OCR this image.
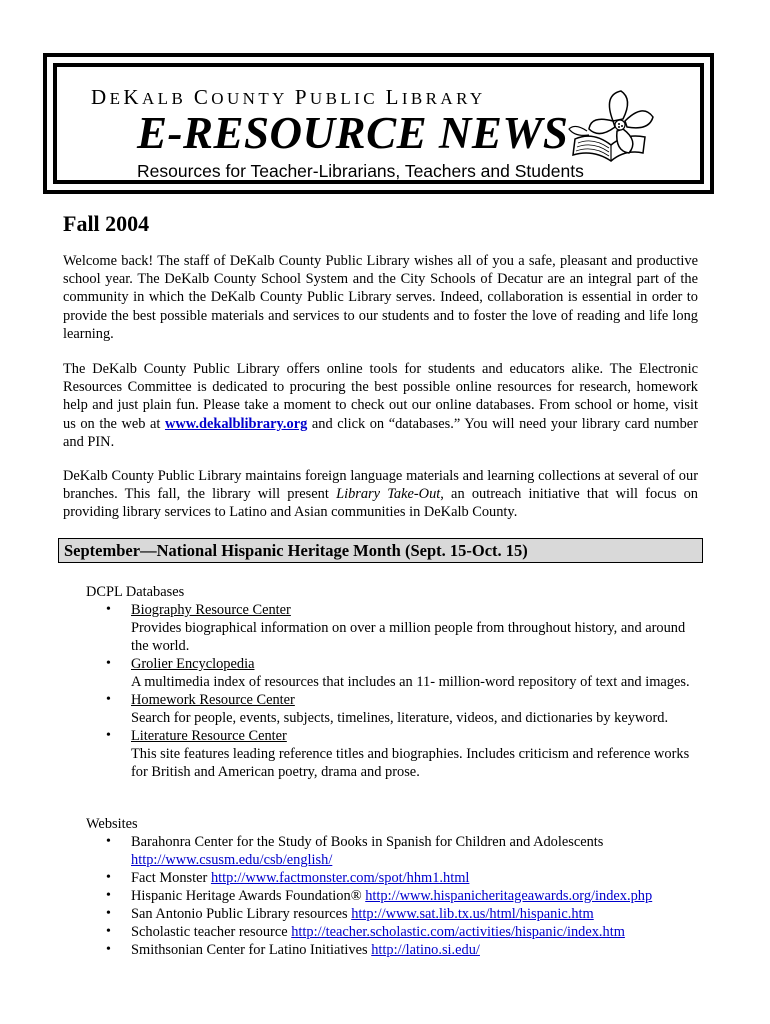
DEKALB COUNTY PUBLIC LIBRARY
E-RESOURCE NEWS
Resources for Teacher-Librarians, Teachers and Students
Fall 2004

Welcome back! The staff of DeKalb County Public Library wishes all of you a safe, pleasant and productive school year. The DeKalb County School System and the City Schools of Decatur are an integral part of the community in which the DeKalb County Public Library serves. Indeed, collaboration is essential in order to provide the best possible materials and services to our students and to foster the love of reading and life long learning.

The DeKalb County Public Library offers online tools for students and educators alike. The Electronic Resources Committee is dedicated to procuring the best possible online resources for research, homework help and just plain fun. Please take a moment to check out our online databases. From school or home, visit us on the web at www.dekalblibrary.org and click on “databases.” You will need your library card number and PIN.

DeKalb County Public Library maintains foreign language materials and learning collections at several of our branches. This fall, the library will present Library Take-Out, an outreach initiative that will focus on providing library services to Latino and Asian communities in DeKalb County.

September—National Hispanic Heritage Month (Sept. 15-Oct. 15)
DCPL Databases
• Biography Resource Center
Provides biographical information on over a million people from throughout history, and around the world.
• Grolier Encyclopedia
A multimedia index of resources that includes an 11- million-word repository of text and images.
• Homework Resource Center
Search for people, events, subjects, timelines, literature, videos, and dictionaries by keyword.
• Literature Resource Center
This site features leading reference titles and biographies. Includes criticism and reference works for British and American poetry, drama and prose.
Websites
• Barahonra Center for the Study of Books in Spanish for Children and Adolescents
http://www.csusm.edu/csb/english/
• Fact Monster http://www.factmonster.com/spot/hhm1.html
• Hispanic Heritage Awards Foundation® http://www.hispanicheritageawards.org/index.php
• San Antonio Public Library resources http://www.sat.lib.tx.us/html/hispanic.htm
• Scholastic teacher resource http://teacher.scholastic.com/activities/hispanic/index.htm
• Smithsonian Center for Latino Initiatives http://latino.si.edu/
